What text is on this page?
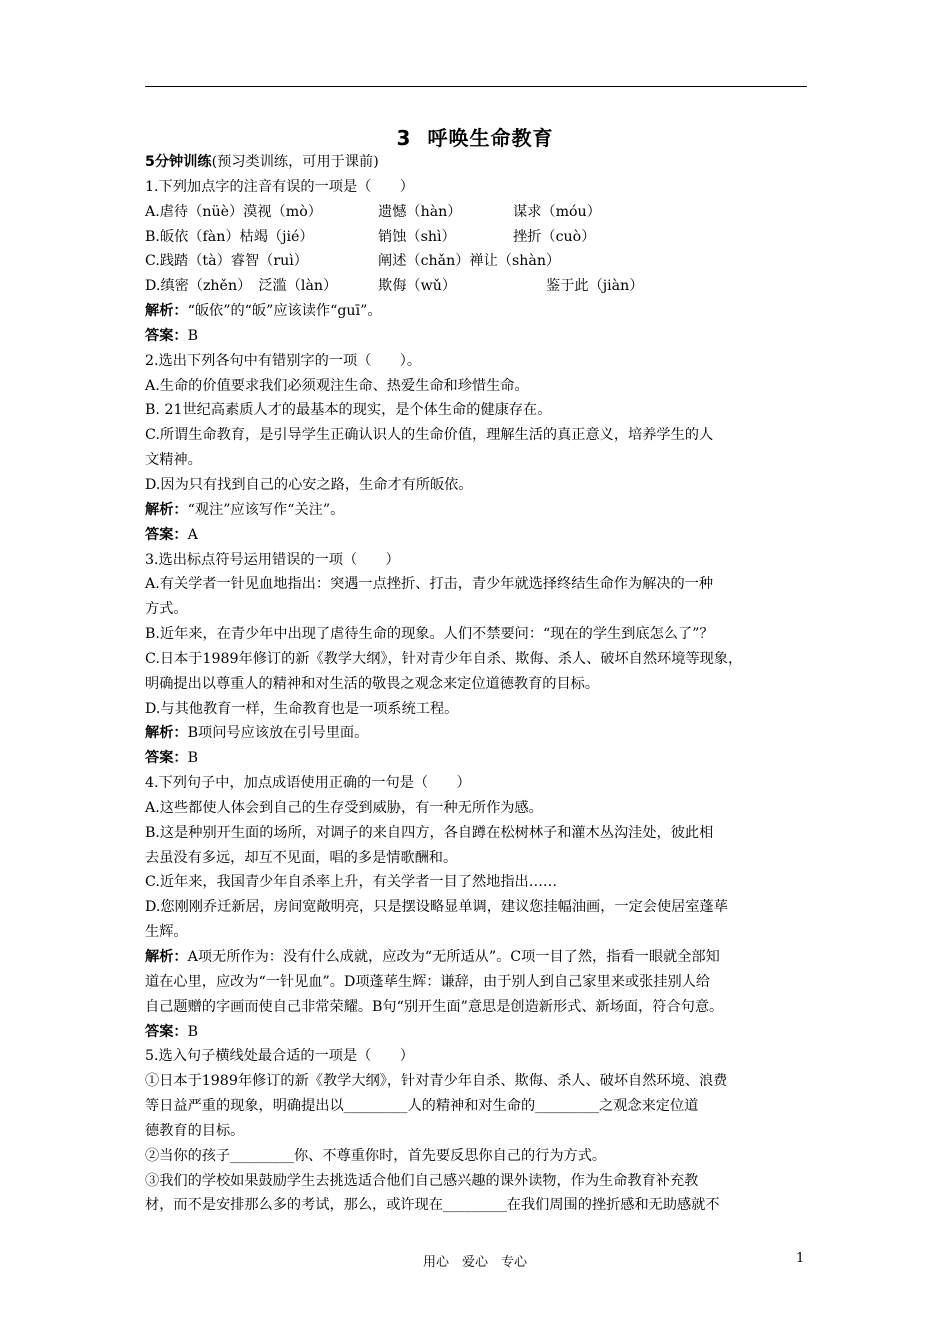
3 呼唤生命教育
5分钟训练(预习类训练，可用于课前)
1.下列加点字的注音有误的一项是（　　）
A.虐待（nüè）漠视（mò）	遗憾（hàn）	谋求（móu）
B.皈依（fàn）枯竭（jié）	销蚀（shì）	挫折（cuò）
C.践踏（tà）睿智（ruì）	阐述（chǎn）禅让（shàn）
D.缜密（zhěn）　泛滥（làn）	欺侮（wǔ）	鉴于此（jiàn）
解析：“皈依”的“皈”应该读作“guī”。
答案：B
2.选出下列各句中有错别字的一项（　　）。
A.生命的价值要求我们必须观注生命、热爱生命和珍惜生命。
B. 21世纪高素质人才的最基本的现实，是个体生命的健康存在。
C.所谓生命教育，是引导学生正确认识人的生命价值，理解生活的真正意义，培养学生的人
文精神。
D.因为只有找到自己的心安之路，生命才有所皈依。
解析：“观注”应该写作“关注”。
答案：A
3.选出标点符号运用错误的一项（　　）
A.有关学者一针见血地指出：突遇一点挫折、打击，青少年就选择终结生命作为解决的一种
方式。
B.近年来，在青少年中出现了虐待生命的现象。人们不禁要问：“现在的学生到底怎么了”？
C.日本于1989年修订的新《教学大纲》，针对青少年自杀、欺侮、杀人、破坏自然环境等现象，
明确提出以尊重人的精神和对生活的敬畏之观念来定位道德教育的目标。
D.与其他教育一样，生命教育也是一项系统工程。
解析：B项问号应该放在引号里面。
答案：B
4.下列句子中，加点成语使用正确的一句是（　　）
A.这些都使人体会到自己的生存受到威胁，有一种无所作为感。
B.这是种别开生面的场所，对调子的来自四方，各自蹲在松树林子和灌木丛沟洼处，彼此相
去虽没有多远，却互不见面，唱的多是情歌酬和。
C.近年来，我国青少年自杀率上升，有关学者一目了然地指出……
D.您刚刚乔迁新居，房间宽敞明亮，只是摆设略显单调，建议您挂幅油画，一定会使居室蓬荜
生辉。
解析：A项无所作为：没有什么成就，应改为“无所适从”。C项一目了然，指看一眼就全部知
道在心里，应改为“一针见血”。D项蓬荜生辉：谦辞，由于别人到自己家里来或张挂别人给
自己题赠的字画而使自己非常荣耀。B句“别开生面”意思是创造新形式、新场面，符合句意。
答案：B
5.选入句子横线处最合适的一项是（　　）
①日本于1989年修订的新《教学大纲》，针对青少年自杀、欺侮、杀人、破坏自然环境、浪费
等日益严重的现象，明确提出以_________人的精神和对生命的_________之观念来定位道
德教育的目标。
②当你的孩子_________你、不尊重你时，首先要反思你自己的行为方式。
③我们的学校如果鼓励学生去挑选适合他们自己感兴趣的课外读物，作为生命教育补充教
材，而不是安排那么多的考试，那么，或许现在_________在我们周围的挫折感和无助感就不
用心　爱心　专心	1
